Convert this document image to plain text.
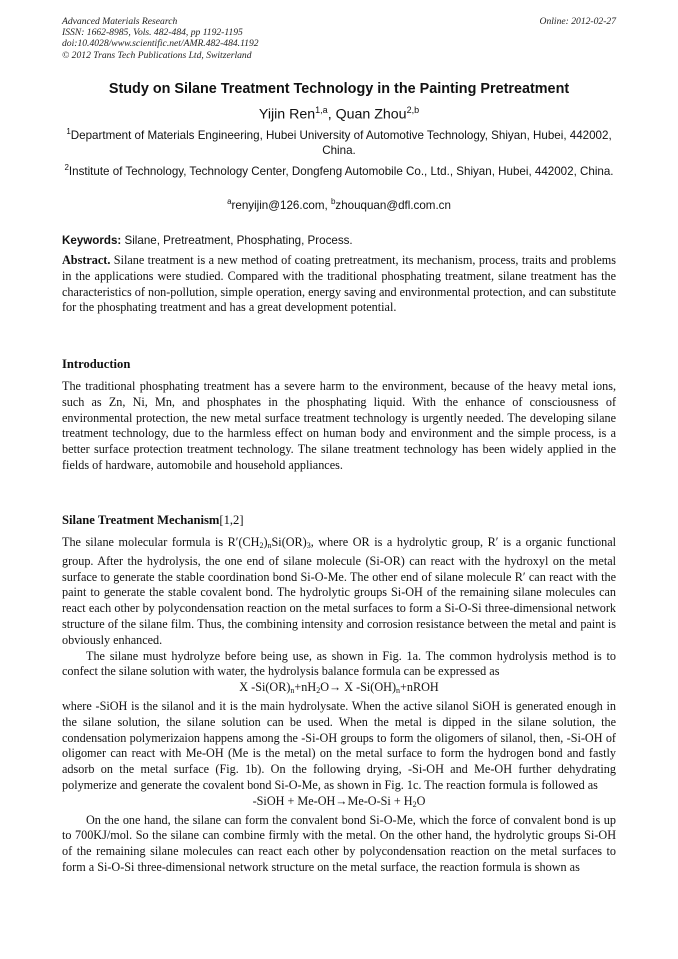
Advanced Materials Research
ISSN: 1662-8985, Vols. 482-484, pp 1192-1195
doi:10.4028/www.scientific.net/AMR.482-484.1192
© 2012 Trans Tech Publications Ltd, Switzerland
Online: 2012-02-27
Study on Silane Treatment Technology in the Painting Pretreatment
Yijin Ren$^{1,a}$, Quan Zhou$^{2,b}$
$^1$Department of Materials Engineering, Hubei University of Automotive Technology, Shiyan, Hubei, 442002, China.
$^2$Institute of Technology, Technology Center, Dongfeng Automobile Co., Ltd., Shiyan, Hubei, 442002, China.
$^a$renyijin@126.com, $^b$zhouquan@dfl.com.cn
Keywords: Silane, Pretreatment, Phosphating, Process.
Abstract. Silane treatment is a new method of coating pretreatment, its mechanism, process, traits and problems in the applications were studied. Compared with the traditional phosphating treatment, silane treatment has the characteristics of non-pollution, simple operation, energy saving and environmental protection, and can substitute for the phosphating treatment and has a great development potential.
Introduction
The traditional phosphating treatment has a severe harm to the environment, because of the heavy metal ions, such as Zn, Ni, Mn, and phosphates in the phosphating liquid. With the enhance of consciousness of environmental protection, the new metal surface treatment technology is urgently needed. The developing silane treatment technology, due to the harmless effect on human body and environment and the simple process, is a better surface protection treatment technology. The silane treatment technology has been widely applied in the fields of hardware, automobile and household appliances.
Silane Treatment Mechanism[1,2]
The silane molecular formula is $R'(CH_2)_nSi(OR)_3$, where OR is a hydrolytic group, R′ is a organic functional group. After the hydrolysis, the one end of silane molecule (Si-OR) can react with the hydroxyl on the metal surface to generate the stable coordination bond Si-O-Me. The other end of silane molecule R′ can react with the paint to generate the stable covalent bond. The hydrolytic groups Si-OH of the remaining silane molecules can react each other by polycondensation reaction on the metal surfaces to form a Si-O-Si three-dimensional network structure of the silane film. Thus, the combining intensity and corrosion resistance between the metal and paint is obviously enhanced.
The silane must hydrolyze before being use, as shown in Fig. 1a. The common hydrolysis method is to confect the silane solution with water, the hydrolysis balance formula can be expressed as
X $-Si(OR)_n+nH_2O\to X$ $-Si(OH)_n+nROH$
where -SiOH is the silanol and it is the main hydrolysate. When the active silanol SiOH is generated enough in the silane solution, the silane solution can be used. When the metal is dipped in the silane solution, the condensation polymerizaion happens among the -Si-OH groups to form the oligomers of silanol, then, -Si-OH of oligomer can react with Me-OH (Me is the metal) on the metal surface to form the hydrogen bond and fastly adsorb on the metal surface (Fig. 1b). On the following drying, -Si-OH and Me-OH further dehydrating polymerize and generate the covalent bond Si-O-Me, as shown in Fig. 1c. The reaction formula is followed as
-SiOH + $Me-OH\to Me-O-Si + H_2O$
On the one hand, the silane can form the convalent bond Si-O-Me, which the force of convalent bond is up to 700KJ/mol. So the silane can combine firmly with the metal. On the other hand, the hydrolytic groups Si-OH of the remaining silane molecules can react each other by polycondensation reaction on the metal surfaces to form a Si-O-Si three-dimensional network structure on the metal surface, the reaction formula is shown as
